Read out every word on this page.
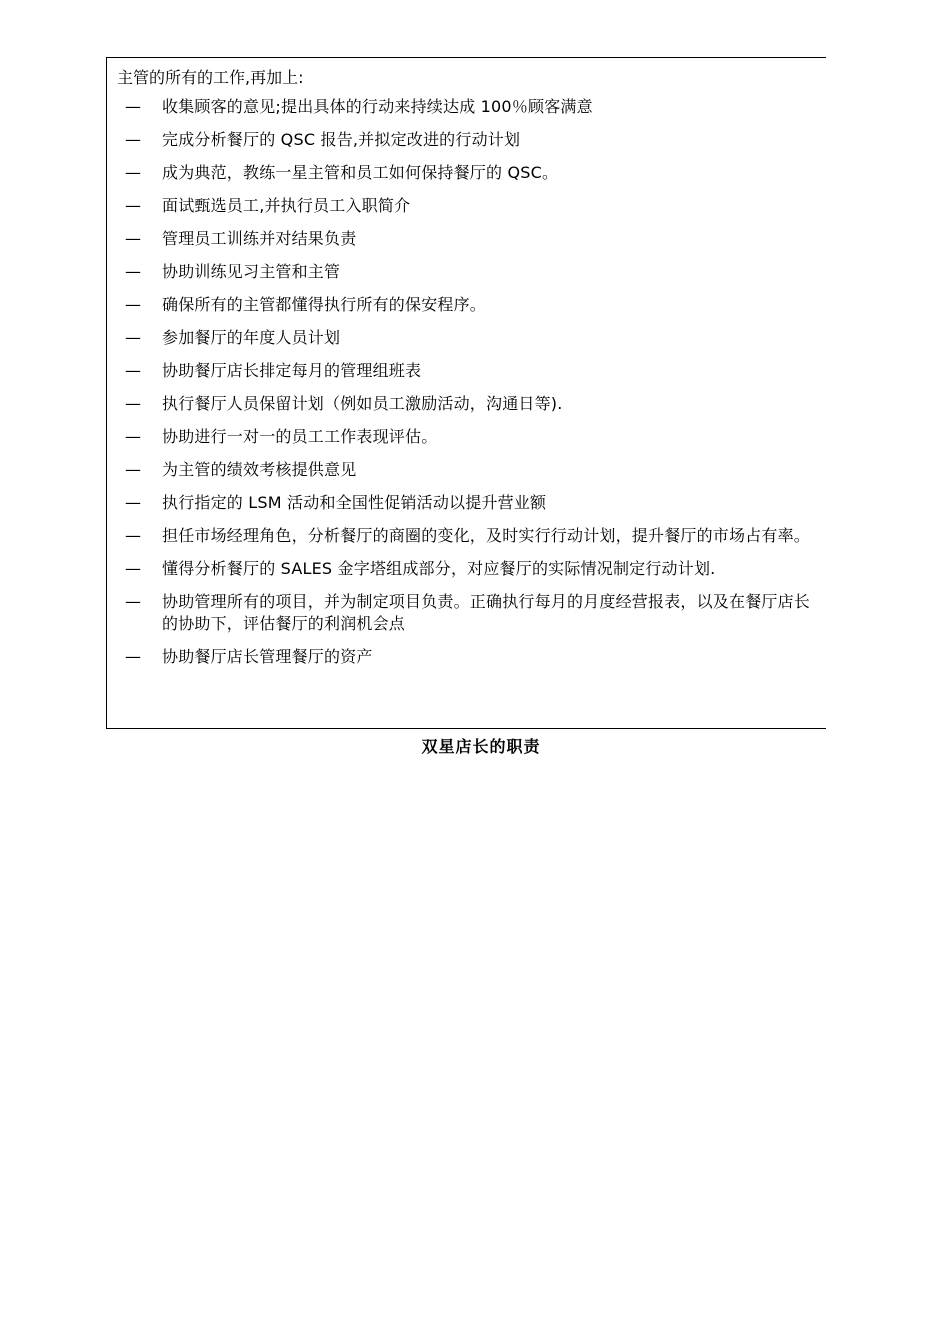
主管的所有的工作,再加上:
—	收集顾客的意见;提出具体的行动来持续达成 100％顾客满意
—	完成分析餐厅的 QSC 报告,并拟定改进的行动计划
—	成为典范，教练一星主管和员工如何保持餐厅的 QSC。
—	面试甄选员工,并执行员工入职简介
—	管理员工训练并对结果负责
—	协助训练见习主管和主管
—	确保所有的主管都懂得执行所有的保安程序。
—	参加餐厅的年度人员计划
—	协助餐厅店长排定每月的管理组班表
—	执行餐厅人员保留计划（例如员工激励活动，沟通日等).
—	协助进行一对一的员工工作表现评估。
—	为主管的绩效考核提供意见
—	执行指定的 LSM 活动和全国性促销活动以提升营业额
—	担任市场经理角色，分析餐厅的商圈的变化，及时实行行动计划，提升餐厅的市场占有率。
—	懂得分析餐厅的 SALES 金字塔组成部分，对应餐厅的实际情况制定行动计划.
—	协助管理所有的项目，并为制定项目负责。正确执行每月的月度经营报表，以及在餐厅店长的协助下，评估餐厅的利润机会点
—	协助餐厅店长管理餐厅的资产
双星店长的职责
